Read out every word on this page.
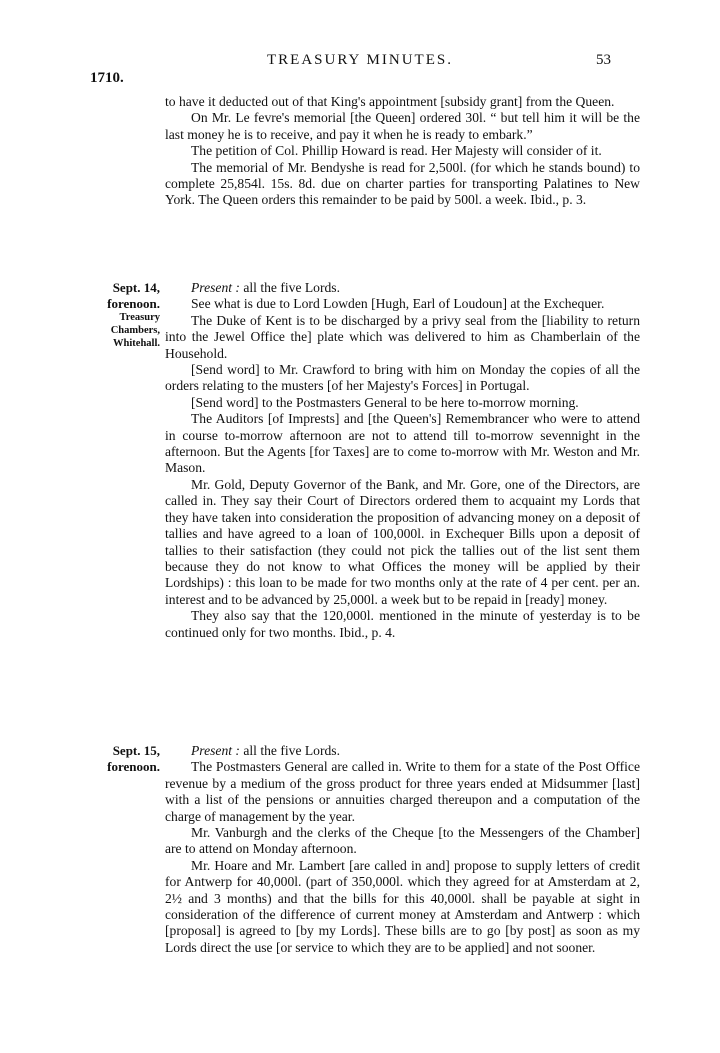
1710.
TREASURY MINUTES.	53

to have it deducted out of that King's appointment [subsidy grant] from the Queen.

On Mr. Le fevre's memorial [the Queen] ordered 30l. “ but tell him it will be the last money he is to receive, and pay it when he is ready to embark.”

The petition of Col. Phillip Howard is read. Her Majesty will consider of it.

The memorial of Mr. Bendyshe is read for 2,500l. (for which he stands bound) to complete 25,854l. 15s. 8d. due on charter parties for transporting Palatines to New York. The Queen orders this remainder to be paid by 500l. a week. Ibid., p. 3.

Sept. 14,
forenoon.
Treasury
Chambers,
Whitehall.

Present : all the five Lords.

See what is due to Lord Lowden [Hugh, Earl of Loudoun] at the Exchequer.

The Duke of Kent is to be discharged by a privy seal from the [liability to return into the Jewel Office the] plate which was delivered to him as Chamberlain of the Household.

[Send word] to Mr. Crawford to bring with him on Monday the copies of all the orders relating to the musters [of her Majesty's Forces] in Portugal.

[Send word] to the Postmasters General to be here to-morrow morning.

The Auditors [of Imprests] and [the Queen's] Remembrancer who were to attend in course to-morrow afternoon are not to attend till to-morrow sevennight in the afternoon. But the Agents [for Taxes] are to come to-morrow with Mr. Weston and Mr. Mason.

Mr. Gold, Deputy Governor of the Bank, and Mr. Gore, one of the Directors, are called in. They say their Court of Directors ordered them to acquaint my Lords that they have taken into consideration the proposition of advancing money on a deposit of tallies and have agreed to a loan of 100,000l. in Exchequer Bills upon a deposit of tallies to their satisfaction (they could not pick the tallies out of the list sent them because they do not know to what Offices the money will be applied by their Lordships) : this loan to be made for two months only at the rate of 4 per cent. per an. interest and to be advanced by 25,000l. a week but to be repaid in [ready] money.

They also say that the 120,000l. mentioned in the minute of yesterday is to be continued only for two months. Ibid., p. 4.

Sept. 15,
forenoon.

Present : all the five Lords.

The Postmasters General are called in. Write to them for a state of the Post Office revenue by a medium of the gross product for three years ended at Midsummer [last] with a list of the pensions or annuities charged thereupon and a computation of the charge of management by the year.

Mr. Vanburgh and the clerks of the Cheque [to the Messengers of the Chamber] are to attend on Monday afternoon.

Mr. Hoare and Mr. Lambert [are called in and] propose to supply letters of credit for Antwerp for 40,000l. (part of 350,000l. which they agreed for at Amsterdam at 2, 2½ and 3 months) and that the bills for this 40,000l. shall be payable at sight in consideration of the difference of current money at Amsterdam and Antwerp : which [proposal] is agreed to [by my Lords]. These bills are to go [by post] as soon as my Lords direct the use [or service to which they are to be applied] and not sooner.
